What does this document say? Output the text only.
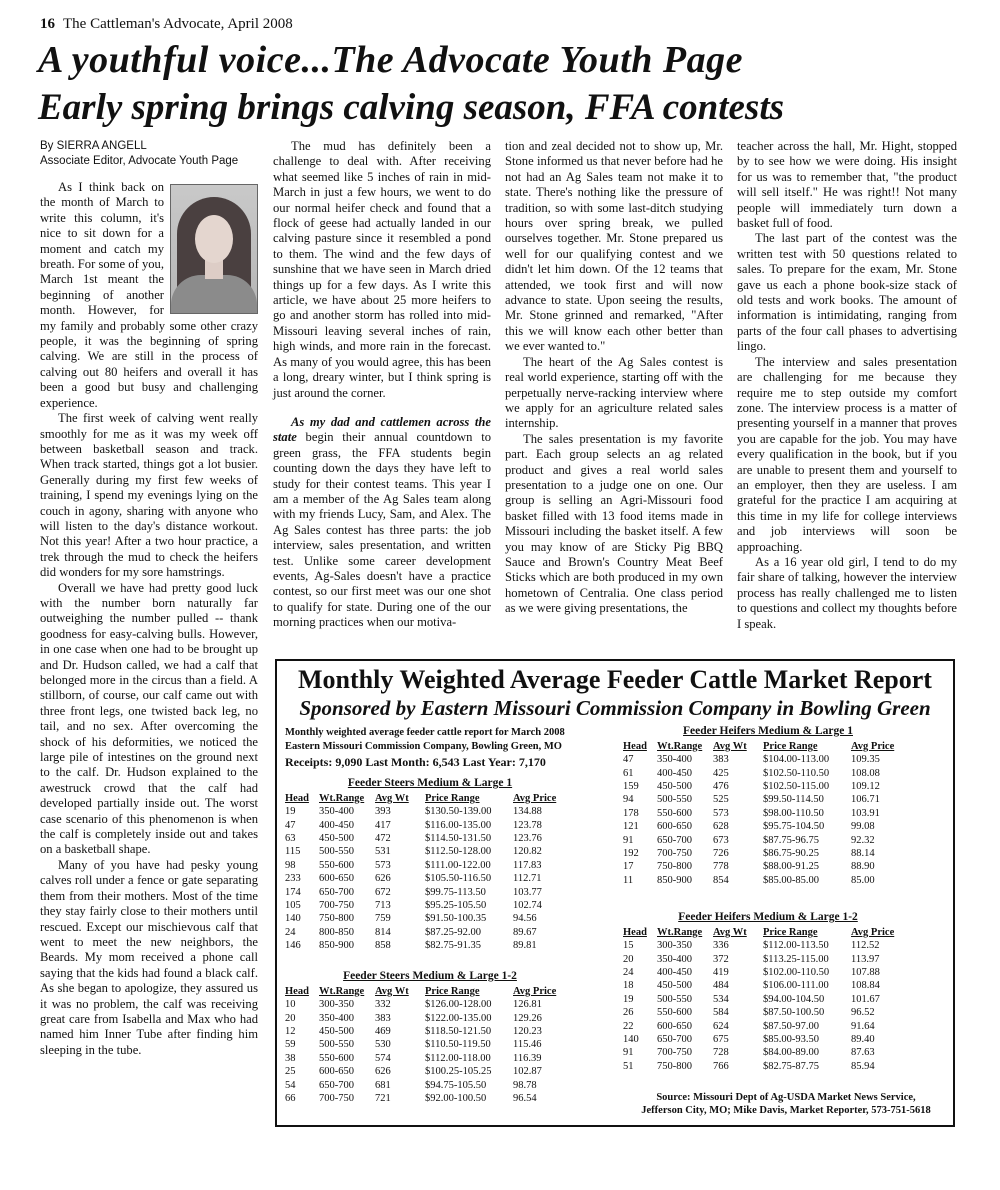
16 The Cattleman's Advocate, April 2008
A youthful voice...The Advocate Youth Page
Early spring brings calving season, FFA contests
By SIERRA ANGELL
Associate Editor, Advocate Youth Page

As I think back on the month of March to write this column, it's nice to sit down for a moment and catch my breath. For some of you, March 1st meant the beginning of another month. However, for my family and probably some other crazy people, it was the beginning of spring calving. We are still in the process of calving out 80 heifers and overall it has been a good but busy and challenging experience.

The first week of calving went really smoothly for me as it was my week off between basketball season and track. When track started, things got a lot busier. Generally during my first few weeks of training, I spend my evenings lying on the couch in agony, sharing with anyone who will listen to the day's distance workout. Not this year! After a two hour practice, a trek through the mud to check the heifers did wonders for my sore hamstrings.

Overall we have had pretty good luck with the number born naturally far outweighing the number pulled -- thank goodness for easy-calving bulls. However, in one case when one had to be brought up and Dr. Hudson called, we had a calf that belonged more in the circus than a field. A stillborn, of course, our calf came out with three front legs, one twisted back leg, no tail, and no sex. After overcoming the shock of his deformities, we noticed the large pile of intestines on the ground next to the calf. Dr. Hudson explained to the awestruck crowd that the calf had developed partially inside out. The worst case scenario of this phenomenon is when the calf is completely inside out and takes on a basketball shape.

Many of you have had pesky young calves roll under a fence or gate separating them from their mothers. Most of the time they stay fairly close to their mothers until rescued. Except our mischievous calf that went to meet the new neighbors, the Beards. My mom received a phone call saying that the kids had found a black calf. As she began to apologize, they assured us it was no problem, the calf was receiving great care from Isabella and Max who had named him Inner Tube after finding him sleeping in the tube.

The mud has definitely been a challenge to deal with. After receiving what seemed like 5 inches of rain in mid-March in just a few hours, we went to do our normal heifer check and found that a flock of geese had actually landed in our calving pasture since it resembled a pond to them. The wind and the few days of sunshine that we have seen in March dried things up for a few days. As I write this article, we have about 25 more heifers to go and another storm has rolled into mid-Missouri leaving several inches of rain, high winds, and more rain in the forecast. As many of you would agree, this has been a long, dreary winter, but I think spring is just around the corner.

As my dad and cattlemen across the state begin their annual countdown to green grass, the FFA students begin counting down the days they have left to study for their contest teams. This year I am a member of the Ag Sales team along with my friends Lucy, Sam, and Alex. The Ag Sales contest has three parts: the job interview, sales presentation, and written test. Unlike some career development events, Ag-Sales doesn't have a practice contest, so our first meet was our one shot to qualify for state. During one of the our morning practices when our motiva-

tion and zeal decided not to show up, Mr. Stone informed us that never before had he not had an Ag Sales team not make it to state. There's nothing like the pressure of tradition, so with some last-ditch studying hours over spring break, we pulled ourselves together. Mr. Stone prepared us well for our qualifying contest and we didn't let him down. Of the 12 teams that attended, we took first and will now advance to state. Upon seeing the results, Mr. Stone grinned and remarked, "After this we will know each other better than we ever wanted to."

The heart of the Ag Sales contest is real world experience, starting off with the perpetually nerve-racking interview where we apply for an agriculture related sales internship.

The sales presentation is my favorite part. Each group selects an ag related product and gives a real world sales presentation to a judge one on one. Our group is selling an Agri-Missouri food basket filled with 13 food items made in Missouri including the basket itself. A few you may know of are Sticky Pig BBQ Sauce and Brown's Country Meat Beef Sticks which are both produced in my own hometown of Centralia. One class period as we were giving presentations, the

teacher across the hall, Mr. Hight, stopped by to see how we were doing. His insight for us was to remember that, "the product will sell itself." He was right!! Not many people will immediately turn down a basket full of food.

The last part of the contest was the written test with 50 questions related to sales. To prepare for the exam, Mr. Stone gave us each a phone book-size stack of old tests and work books. The amount of information is intimidating, ranging from parts of the four call phases to advertising lingo.

The interview and sales presentation are challenging for me because they require me to step outside my comfort zone. The interview process is a matter of presenting yourself in a manner that proves you are capable for the job. You may have every qualification in the book, but if you are unable to present them and yourself to an employer, then they are useless. I am grateful for the practice I am acquiring at this time in my life for college interviews and job interviews will soon be approaching.

As a 16 year old girl, I tend to do my fair share of talking, however the interview process has really challenged me to listen to questions and collect my thoughts before I speak.

Monthly Weighted Average Feeder Cattle Market Report
Sponsored by Eastern Missouri Commission Company in Bowling Green
Monthly weighted average feeder cattle report for March 2008
Eastern Missouri Commission Company, Bowling Green, MO
Receipts: 9,090 Last Month: 6,543 Last Year: 7,170
Feeder Steers Medium & Large 1
Head	Wt.Range	Avg Wt	Price Range	Avg Price
19	350-400	393	$130.50-139.00	134.88
47	400-450	417	$116.00-135.00	123.78
63	450-500	472	$114.50-131.50	123.76
115	500-550	531	$112.50-128.00	120.82
98	550-600	573	$111.00-122.00	117.83
233	600-650	626	$105.50-116.50	112.71
174	650-700	672	$99.75-113.50	103.77
105	700-750	713	$95.25-105.50	102.74
140	750-800	759	$91.50-100.35	94.56
24	800-850	814	$87.25-92.00	89.67
146	850-900	858	$82.75-91.35	89.81
Feeder Steers Medium & Large 1-2
Head	Wt.Range	Avg Wt	Price Range	Avg Price
10	300-350	332	$126.00-128.00	126.81
20	350-400	383	$122.00-135.00	129.26
12	450-500	469	$118.50-121.50	120.23
59	500-550	530	$110.50-119.50	115.46
38	550-600	574	$112.00-118.00	116.39
25	600-650	626	$100.25-105.25	102.87
54	650-700	681	$94.75-105.50	98.78
66	700-750	721	$92.00-100.50	96.54
Feeder Heifers Medium & Large 1
Head	Wt.Range	Avg Wt	Price Range	Avg Price
47	350-400	383	$104.00-113.00	109.35
61	400-450	425	$102.50-110.50	108.08
159	450-500	476	$102.50-115.00	109.12
94	500-550	525	$99.50-114.50	106.71
178	550-600	573	$98.00-110.50	103.91
121	600-650	628	$95.75-104.50	99.08
91	650-700	673	$87.75-96.75	92.32
192	700-750	726	$86.75-90.25	88.14
17	750-800	778	$88.00-91.25	88.90
11	850-900	854	$85.00-85.00	85.00
Feeder Heifers Medium & Large 1-2
Head	Wt.Range	Avg Wt	Price Range	Avg Price
15	300-350	336	$112.00-113.50	112.52
20	350-400	372	$113.25-115.00	113.97
24	400-450	419	$102.00-110.50	107.88
18	450-500	484	$106.00-111.00	108.84
19	500-550	534	$94.00-104.50	101.67
26	550-600	584	$87.50-100.50	96.52
22	600-650	624	$87.50-97.00	91.64
140	650-700	675	$85.00-93.50	89.40
91	700-750	728	$84.00-89.00	87.63
51	750-800	766	$82.75-87.75	85.94
Source: Missouri Dept of Ag-USDA Market News Service,
Jefferson City, MO; Mike Davis, Market Reporter, 573-751-5618
